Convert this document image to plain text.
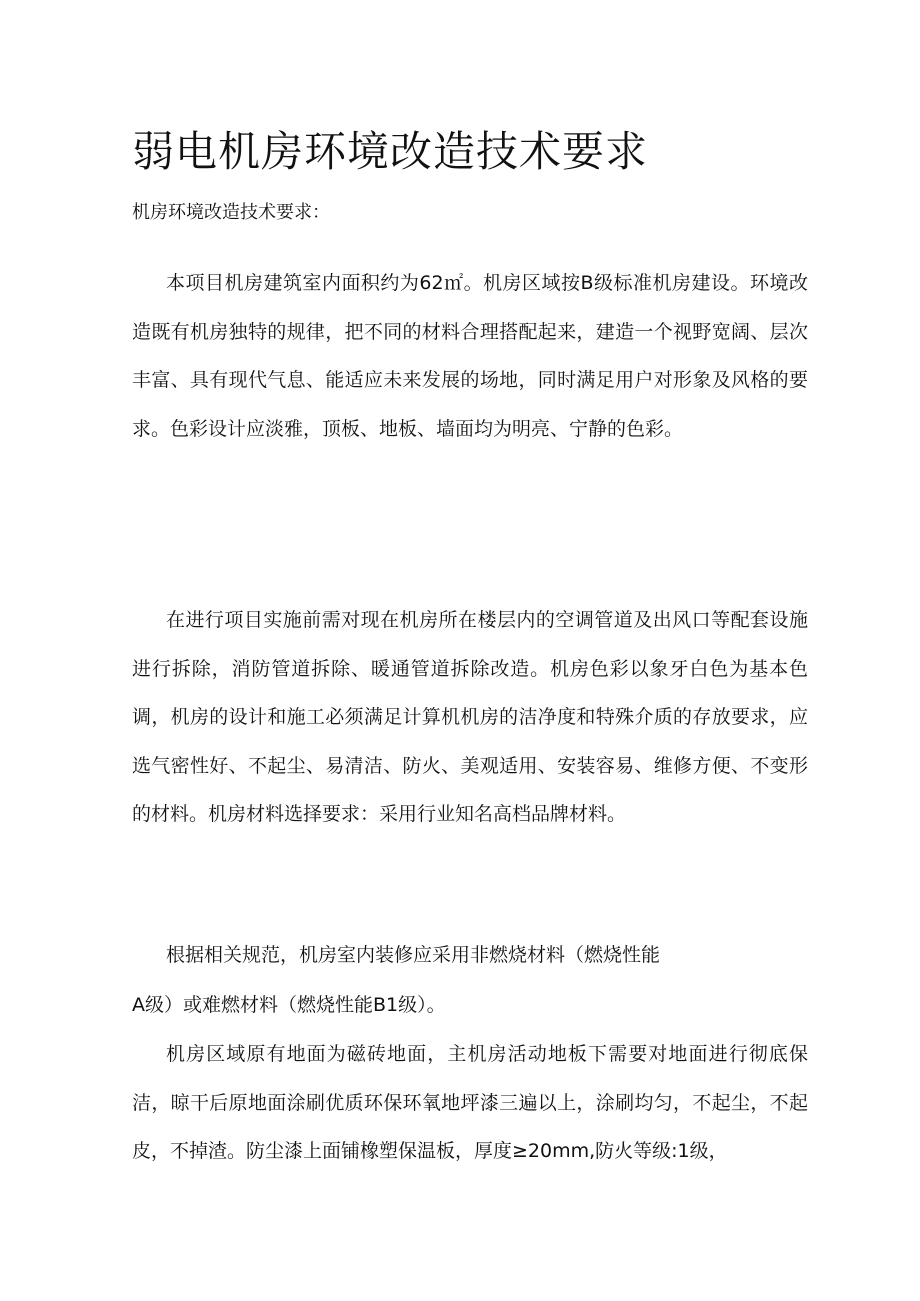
弱电机房环境改造技术要求

机房环境改造技术要求：

本项目机房建筑室内面积约为62㎡。机房区域按B级标准机房建设。环境改造既有机房独特的规律，把不同的材料合理搭配起来，建造一个视野宽阔、层次丰富、具有现代气息、能适应未来发展的场地，同时满足用户对形象及风格的要求。色彩设计应淡雅，顶板、地板、墙面均为明亮、宁静的色彩。

在进行项目实施前需对现在机房所在楼层内的空调管道及出风口等配套设施进行拆除，消防管道拆除、暖通管道拆除改造。机房色彩以象牙白色为基本色调，机房的设计和施工必须满足计算机机房的洁净度和特殊介质的存放要求，应选气密性好、不起尘、易清洁、防火、美观适用、安装容易、维修方便、不变形的材料。机房材料选择要求：采用行业知名高档品牌材料。

根据相关规范，机房室内装修应采用非燃烧材料（燃烧性能

A级）或难燃材料（燃烧性能B1级）。

机房区域原有地面为磁砖地面，主机房活动地板下需要对地面进行彻底保洁，晾干后原地面涂刷优质环保环氧地坪漆三遍以上，涂刷均匀，不起尘，不起皮，不掉渣。防尘漆上面铺橡塑保温板，厚度≥20mm,防火等级:1级，
